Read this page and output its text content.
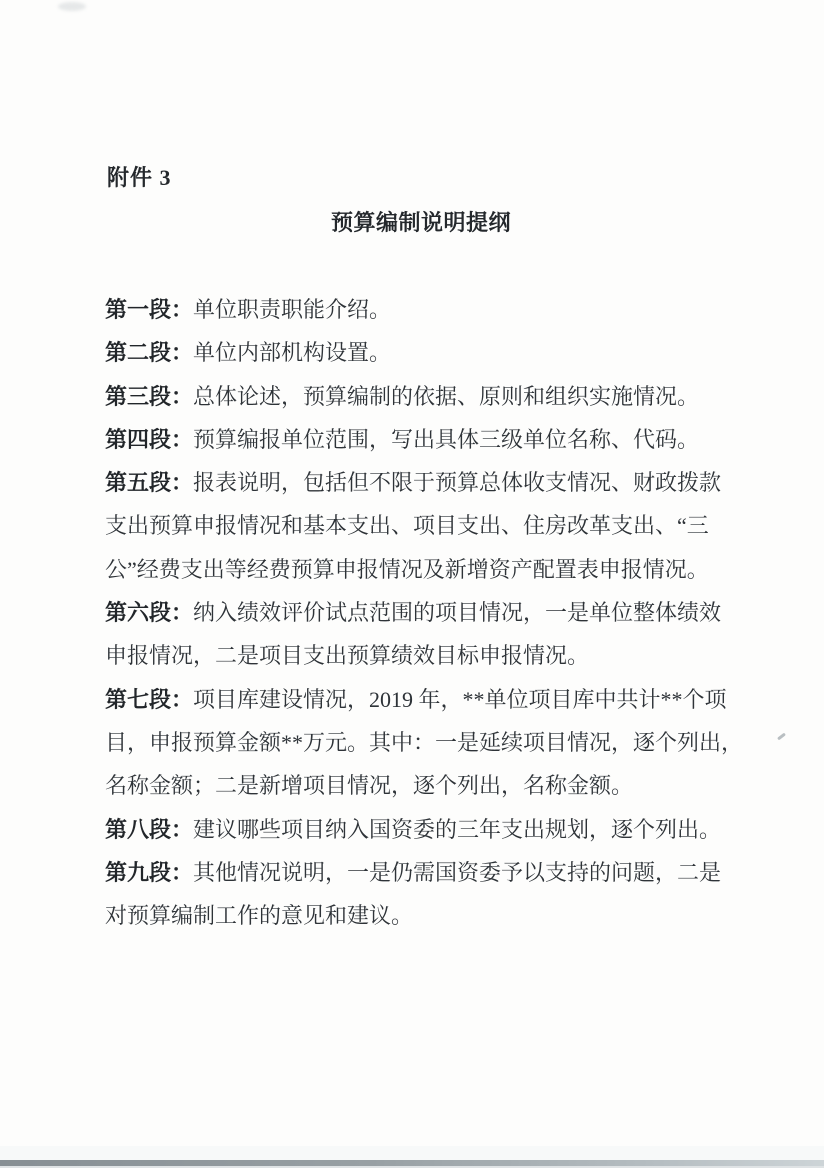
附件 3
预算编制说明提纲
第一段：单位职责职能介绍。
第二段：单位内部机构设置。
第三段：总体论述，预算编制的依据、原则和组织实施情况。
第四段：预算编报单位范围，写出具体三级单位名称、代码。
第五段：报表说明，包括但不限于预算总体收支情况、财政拨款
支出预算申报情况和基本支出、项目支出、住房改革支出、“三
公”经费支出等经费预算申报情况及新增资产配置表申报情况。
第六段：纳入绩效评价试点范围的项目情况，一是单位整体绩效
申报情况，二是项目支出预算绩效目标申报情况。
第七段：项目库建设情况，2019 年，**单位项目库中共计**个项
目，申报预算金额**万元。其中：一是延续项目情况，逐个列出，
名称金额；二是新增项目情况，逐个列出，名称金额。
第八段：建议哪些项目纳入国资委的三年支出规划，逐个列出。
第九段：其他情况说明，一是仍需国资委予以支持的问题，二是
对预算编制工作的意见和建议。
